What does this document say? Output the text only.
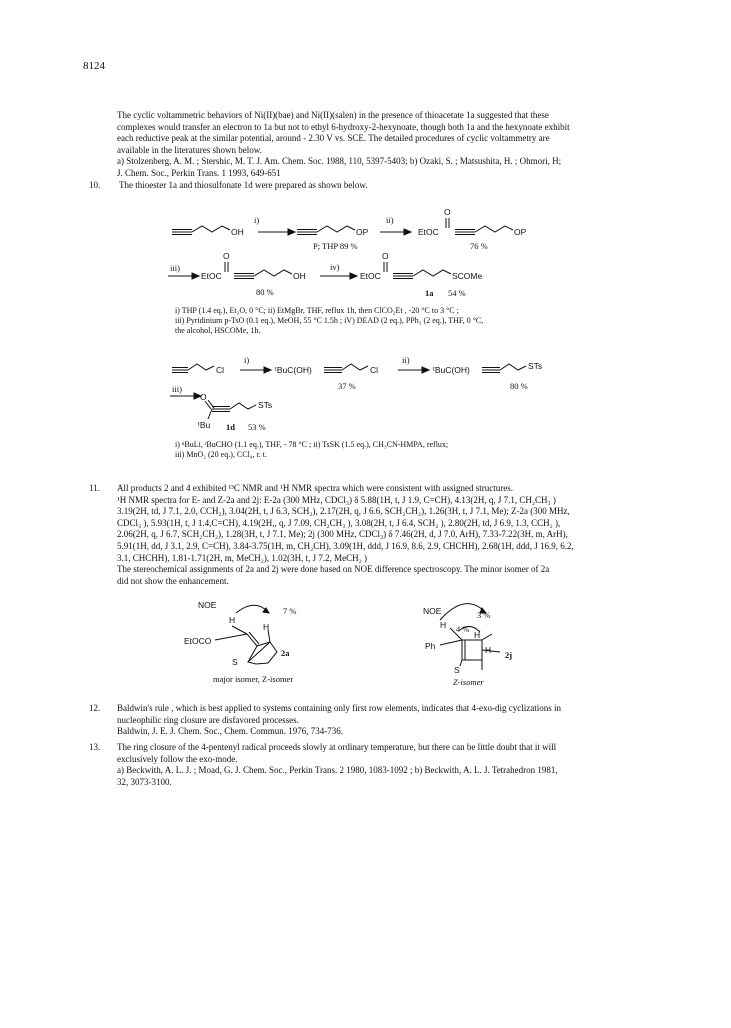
8124
The cyclic voltammetric behaviors of Ni(II)(bae) and Ni(II)(salen) in the presence of thioacetate 1a suggested that these
complexes would transfer an electron to 1a but not to ethyl 6-hydroxy-2-hexynoate, though both 1a and the hexynoate exhibit
each reductive peak at the similar potential, around - 2.30 V vs. SCE. The detailed procedures of cyclic voltammetry are
available in the literatures shown below.
a) Stolzenberg, A. M. ; Stershic, M. T. J. Am. Chem. Soc. 1988, 110, 5397-5403; b) Ozaki, S. ; Matsushita, H. ; Ohmori, H;
J. Chem. Soc., Perkin Trans. 1 1993, 649-651
10.	The thioester 1a and thiosulfonate 1d were prepared as shown below.
i)
OH	OP
ii)
O
EtOC	OP
P; THP 89 %	76 %
iii)
O
EtOC	OH
iv)
O
EtOC	SCOMe
80 %	1a 54 %
i) THP (1.4 eq.), Et₂O, 0 °C; ii) EtMgBr, THF, reflux 1h, then ClCO₂Et , -20 °C to 3 °C ;
iii) Pyridinium p-TsO (0.1 eq.), MeOH, 55 °C 1.5h ; iV) DEAD (2 eq.), PPh₃ (2 eq.), THF, 0 °C,
the alcohol, HSCOMe, 1h.
Cl
i)
ᵗBuC(OH)	Cl
ii)
ᵗBuC(OH)	STs
37 %	80 %
iii)
O
STs
ᵗBu 1d 53 %
i) ⁿBuLi, ᵗBuCHO (1.1 eq.), THF, - 78 °C ; ii) TsSK (1.5 eq.), CH₃CN-HMPA, reflux;
iii) MnO₂ (20 eq.), CCl₄, r. t.
11.	All products 2 and 4 exhibited ¹³C NMR and ¹H NMR spectra which were consistent with assigned structures.
¹H NMR spectra for E- and Z-2a and 2j: E-2a (300 MHz, CDCl₃) δ 5.88(1H, t, J 1.9, C=CH), 4.13(2H, q, J 7.1, CH₂CH₃ )
3.19(2H, td, J 7.1, 2.0, CCH₂), 3.04(2H, t, J 6.3, SCH₂), 2.17(2H, q, J 6.6, SCH₂CH₂), 1.26(3H, t, J 7.1, Me); Z-2a (300 MHz,
CDCl₃ ), 5.93(1H, t, J 1.4,C=CH), 4.19(2H,, q, J 7.09, CH₂CH₃ ), 3.08(2H, t, J 6.4, SCH₂ ), 2.80(2H, td, J 6.9, 1.3, CCH₂ ),
2.06(2H, q, J 6.7, SCH₂CH₂), 1.28(3H, t, J 7.1, Me); 2j (300 MHz, CDCl₃) δ 7.46(2H, d, J 7.0, ArH), 7.33-7.22(3H, m, ArH),
5.91(1H, dd, J 3.1, 2.9, C=CH), 3.84-3.75(1H, m, CH₂CH), 3.09(1H, ddd, J 16.9, 8.6, 2.9, CHCHH), 2.68(1H, ddd, J 16.9, 6.2,
3.1, CHCHH), 1.81-1.71(2H, m, MeCH₂), 1.02(3H, t, J 7.2, MeCH₂ )
The stereochemical assignments of 2a and 2j were done based on NOE difference spectroscopy. The minor isomer of 2a
did not show the enhancement.
NOE
H
H
7 %
EtOCO
S
2a
major isomer, Z-isomer
NOE	3 %
4 %
H
H
H
Ph
S
2j
Z-isomer
12.	Baldwin's rule , which is best applied to systems containing only first row elements, indicates that 4-exo-dig cyclizations in
nucleophilic ring closure are disfavored processes.
Baldwin, J. E. J. Chem. Soc., Chem. Commun. 1976, 734-736.
13.	The ring closure of the 4-pentenyl radical proceeds slowly at ordinary temperature, but there can be little doubt that it will
exclusively follow the exo-mode.
a) Beckwith, A. L. J. ; Moad, G. J. Chem. Soc., Perkin Trans. 2 1980, 1083-1092 ; b) Beckwith, A. L. J. Tetrahedron 1981,
32, 3073-3100.
